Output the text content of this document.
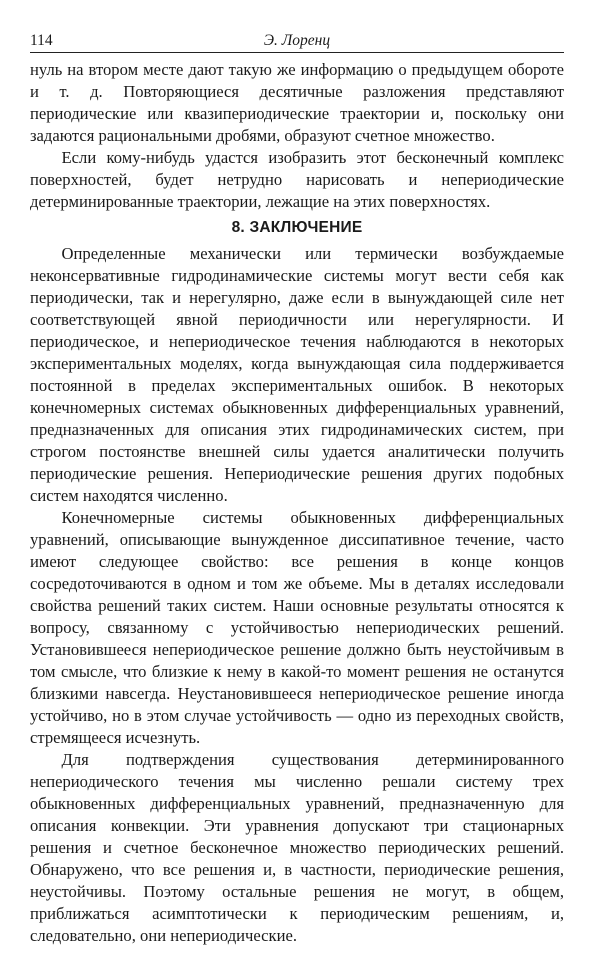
114	Э. Лоренц

нуль на втором месте дают такую же информацию о предыдущем обороте и т. д. Повторяющиеся десятичные разложения представляют периодические или квазипериодические траектории и, поскольку они задаются рациональными дробями, образуют счетное множество.

Если кому-нибудь удастся изобразить этот бесконечный комплекс поверхностей, будет нетрудно нарисовать и непериодические детерминированные траектории, лежащие на этих поверхностях.

8. ЗАКЛЮЧЕНИЕ

Определенные механически или термически возбуждаемые неконсервативные гидродинамические системы могут вести себя как периодически, так и нерегулярно, даже если в вынуждающей силе нет соответствующей явной периодичности или нерегулярности. И периодическое, и непериодическое течения наблюдаются в некоторых экспериментальных моделях, когда вынуждающая сила поддерживается постоянной в пределах экспериментальных ошибок. В некоторых конечномерных системах обыкновенных дифференциальных уравнений, предназначенных для описания этих гидродинамических систем, при строгом постоянстве внешней силы удается аналитически получить периодические решения. Непериодические решения других подобных систем находятся численно.

Конечномерные системы обыкновенных дифференциальных уравнений, описывающие вынужденное диссипативное течение, часто имеют следующее свойство: все решения в конце концов сосредоточиваются в одном и том же объеме. Мы в деталях исследовали свойства решений таких систем. Наши основные результаты относятся к вопросу, связанному с устойчивостью непериодических решений. Установившееся непериодическое решение должно быть неустойчивым в том смысле, что близкие к нему в какой-то момент решения не останутся близкими навсегда. Неустановившееся непериодическое решение иногда устойчиво, но в этом случае устойчивость — одно из переходных свойств, стремящееся исчезнуть.

Для подтверждения существования детерминированного непериодического течения мы численно решали систему трех обыкновенных дифференциальных уравнений, предназначенную для описания конвекции. Эти уравнения допускают три стационарных решения и счетное бесконечное множество периодических решений. Обнаружено, что все решения и, в частности, периодические решения, неустойчивы. Поэтому остальные решения не могут, в общем, приближаться асимптотически к периодическим решениям, и, следовательно, они непериодические.
